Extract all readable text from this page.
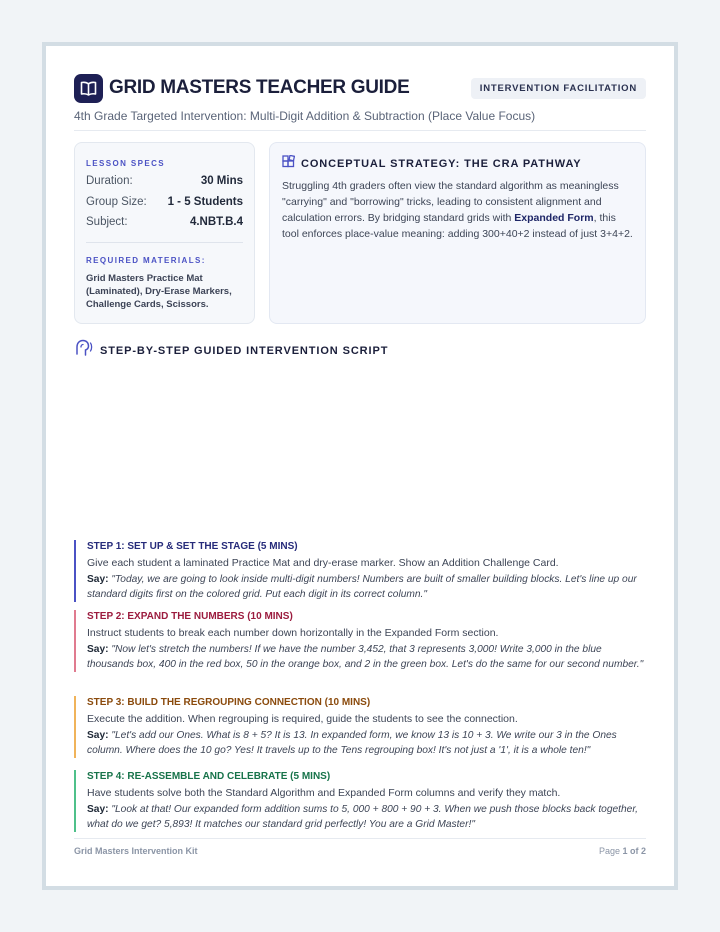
GRID MASTERS TEACHER GUIDE	INTERVENTION FACILITATION
4th Grade Targeted Intervention: Multi-Digit Addition & Subtraction (Place Value Focus)
LESSON SPECS
Duration:	30 Mins
Group Size: 1 - 5 Students
Subject:	4.NBT.B.4
REQUIRED MATERIALS:
Grid Masters Practice Mat (Laminated), Dry-Erase Markers, Challenge Cards, Scissors.
CONCEPTUAL STRATEGY: THE CRA PATHWAY
Struggling 4th graders often view the standard algorithm as meaningless "carrying" and "borrowing" tricks, leading to consistent alignment and calculation errors. By bridging standard grids with Expanded Form, this tool enforces place-value meaning: adding 300+40+2 instead of just 3+4+2.
STEP-BY-STEP GUIDED INTERVENTION SCRIPT
STEP 1: SET UP & SET THE STAGE (5 MINS)
Give each student a laminated Practice Mat and dry-erase marker. Show an Addition Challenge Card.
Say: "Today, we are going to look inside multi-digit numbers! Numbers are built of smaller building blocks. Let's line up our standard digits first on the colored grid. Put each digit in its correct column."
STEP 2: EXPAND THE NUMBERS (10 MINS)
Instruct students to break each number down horizontally in the Expanded Form section.
Say: "Now let's stretch the numbers! If we have the number 3,452, that 3 represents 3,000! Write 3,000 in the blue thousands box, 400 in the red box, 50 in the orange box, and 2 in the green box. Let's do the same for our second number."
STEP 3: BUILD THE REGROUPING CONNECTION (10 MINS)
Execute the addition. When regrouping is required, guide the students to see the connection.
Say: "Let's add our Ones. What is 8 + 5? It is 13. In expanded form, we know 13 is 10 + 3. We write our 3 in the Ones column. Where does the 10 go? Yes! It travels up to the Tens regrouping box! It's not just a '1', it is a whole ten!"
STEP 4: RE-ASSEMBLE AND CELEBRATE (5 MINS)
Have students solve both the Standard Algorithm and Expanded Form columns and verify they match.
Say: "Look at that! Our expanded form addition sums to 5, 000 + 800 + 90 + 3. When we push those blocks back together, what do we get? 5,893! It matches our standard grid perfectly! You are a Grid Master!"
Grid Masters Intervention Kit	Page 1 of 2
